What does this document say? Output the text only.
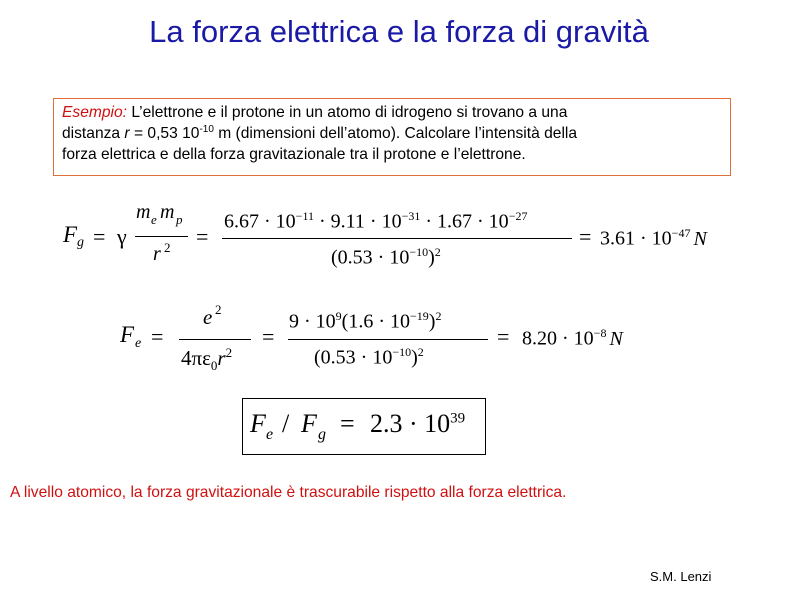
La forza elettrica e la forza di gravità
Esempio: L’elettrone e il protone in un atomo di idrogeno si trovano a una
distanza r = 0,53 $10^{-10}$ m (dimensioni dell’atomo). Calcolare l’intensità della
forza elettrica e della forza gravitazionale tra il protone e l’elettrone.
F g = γ
m e m p
r 2 =
$6.67 \cdot 10^{-11} \cdot 9.11 \cdot 10^{-31} \cdot 1.67 \cdot 10^{-27}$
$(0.53 \cdot 10^{-10})^2$
= $3.61 \cdot 10^{-47}$ N
F e =
e 2
$4\pi\varepsilon_0r^2$
=
$9 \cdot 10^9(1.6 \cdot 10^{-19})^2$
$(0.53 \cdot 10^{-10})^2$
= $8.20 \cdot 10^{-8}$ N
F e / F $g = 2.3 \cdot 10^{39}$
A livello atomico, la forza gravitazionale è trascurabile rispetto alla forza elettrica.
S.M. Lenzi
